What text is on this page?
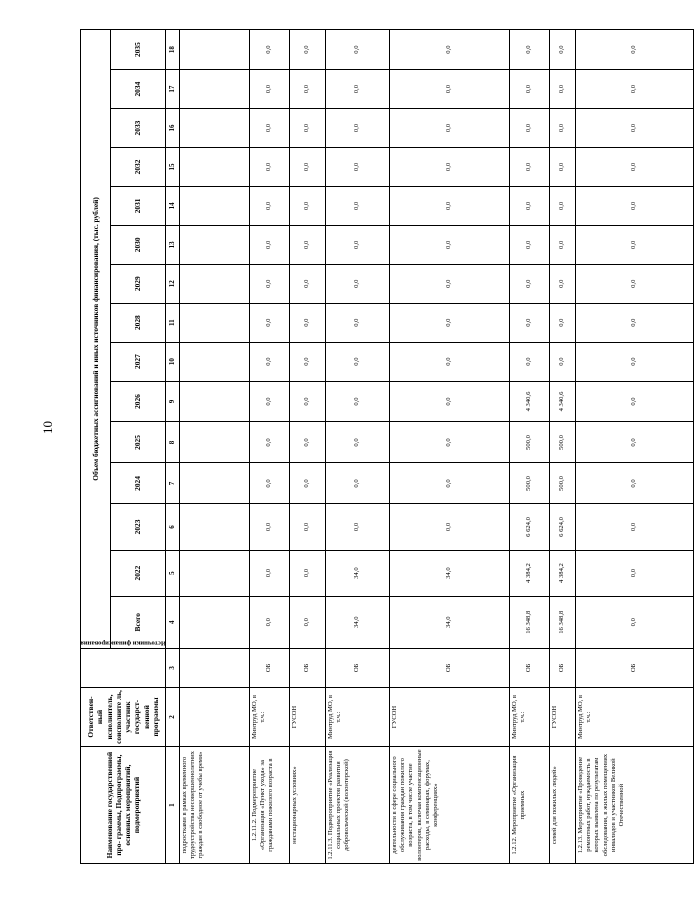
10
Наименование государственной про- граммы, Подпрограммы, основных мероприятий, подмероприятий	Ответствен- ный исполнитель, соисполните ль, участник государст- венной программы	Источники финансирования	Объем бюджетных ассигнований и иных источников финансирования, (тыс. рублей)														
			Всего	2022	2023	2024	2025	2026	2027	2028	2029	2030	2031	2032	2033	2034	2035
1	2	3	4	5	6	7	8	9	10	11	12	13	14	15	16	17	18
подростками в рамках временного трудоустройства несовершеннолетних граждан в свободное от учебы время»																	
1.2.11.2. Подмероприятие «Организация «Пункт ухода» за гражданами пожилого возраста в	Минтруд МО, в т.ч.:	ОБ	0,0	0,0	0,0	0,0	0,0	0,0	0,0	0,0	0,0	0,0	0,0	0,0	0,0	0,0	0,0
нестационарных условиях»	ГУСОН	ОБ	0,0	0,0	0,0	0,0	0,0	0,0	0,0	0,0	0,0	0,0	0,0	0,0	0,0	0,0	0,0
1.2.11.3. Подмероприятие «Реализация социальных проектов развития добровольческой (волонтерской)	Минтруд МО, в т.ч.:	ОБ	34,0	34,0	0,0	0,0	0,0	0,0	0,0	0,0	0,0	0,0	0,0	0,0	0,0	0,0	0,0
деятельности в сфере социального обслуживания граждан пожилого возраста, в том числе участие волонтеров, включая компенсационные расходы, в семинарах, форумах, конференциях»	ГУСОН	ОБ	34,0	34,0	0,0	0,0	0,0	0,0	0,0	0,0	0,0	0,0	0,0	0,0	0,0	0,0	0,0
1.2.12. Мероприятие «Организация приемных	Минтруд МО, в т.ч.:	ОБ	16 348,8	4 384,2	6 624,0	500,0	500,0	4 340,6	0,0	0,0	0,0	0,0	0,0	0,0	0,0	0,0	0,0
семей для пожилых людей»	ГУСОН	ОБ	16 348,8	4 384,2	6 624,0	500,0	500,0	4 340,6	0,0	0,0	0,0	0,0	0,0	0,0	0,0	0,0	0,0
1.2.13. Мероприятие «Проведение ремонтных работ, нуждаемость в которых выявлена по результатам обследования, в жилых помещениях инвалидов и участников Великой Отечественной	Минтруд МО, в т.ч.:	ОБ	0,0	0,0	0,0	0,0	0,0	0,0	0,0	0,0	0,0	0,0	0,0	0,0	0,0	0,0	0,0
